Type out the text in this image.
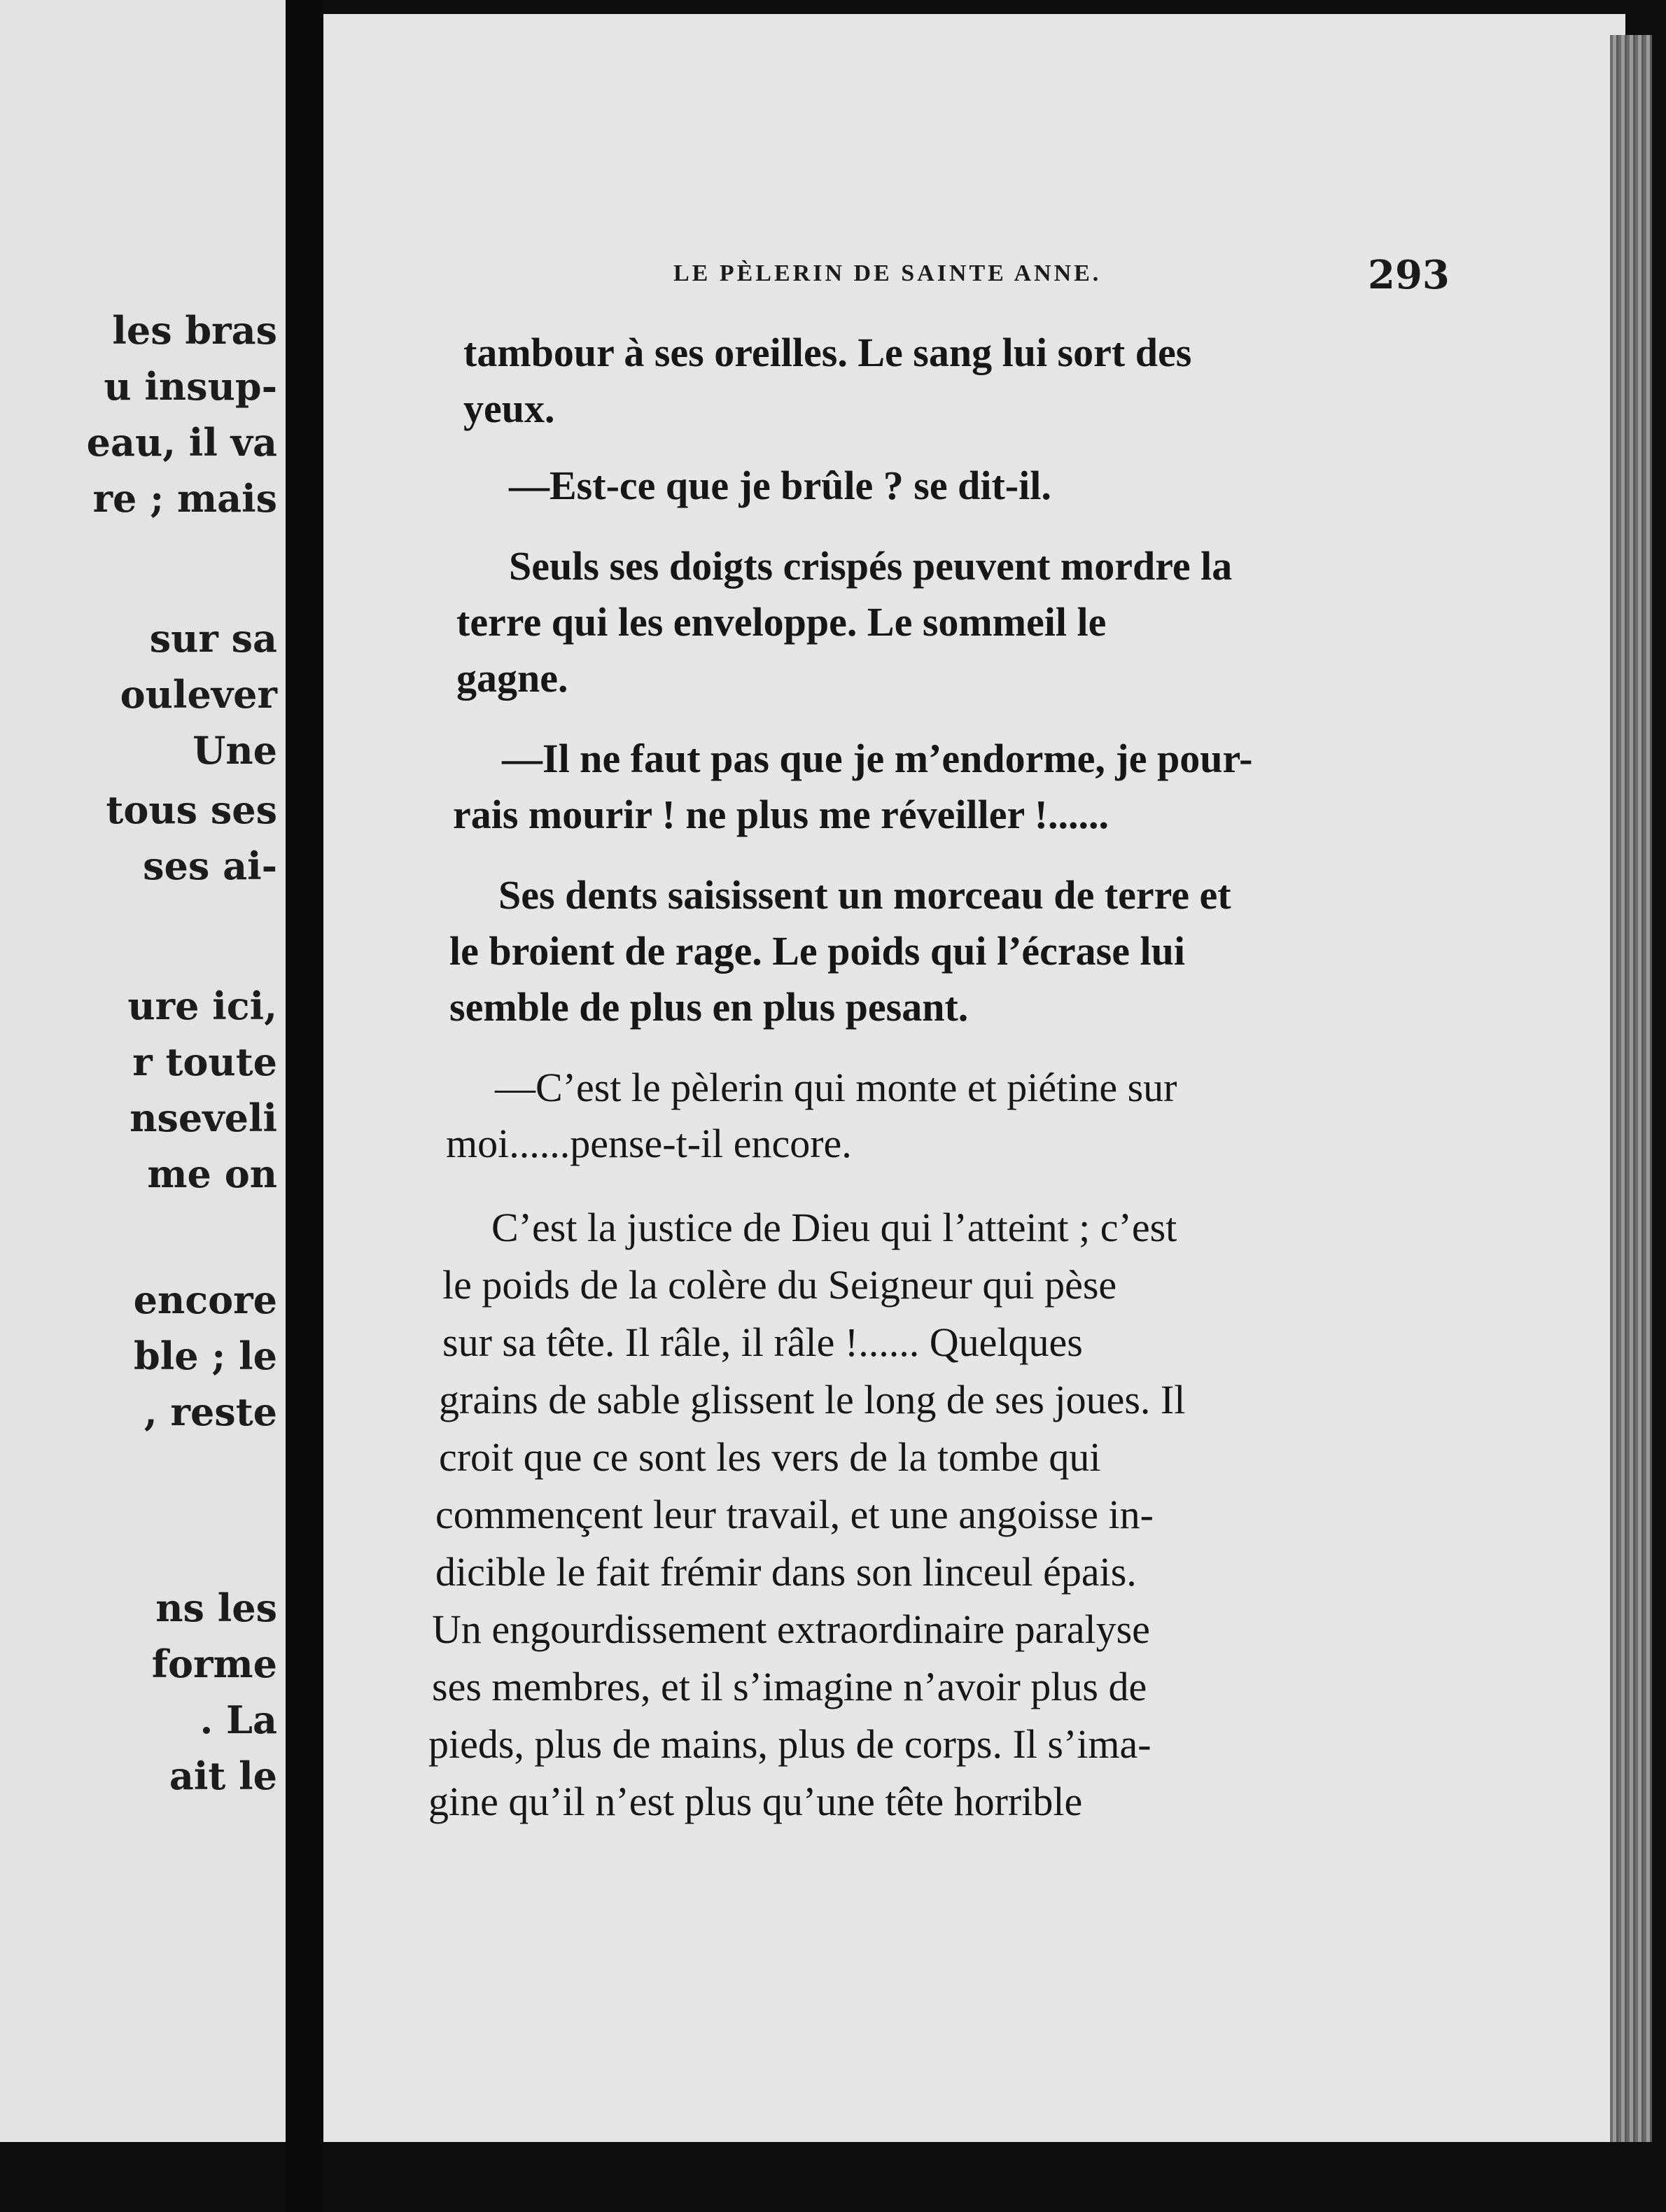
les bras
u insup-
eau, il va
re ; mais
sur sa
oulever
Une
tous ses
ses ai-
ure ici,
r toute
nseveli
me on
encore
ble ; le
, reste
ns les
forme
. La
ait le
LE PÈLERIN DE SAINTE ANNE.	293
tambour à ses oreilles. Le sang lui sort des
yeux.
—Est-ce que je brûle ? se dit-il.
Seuls ses doigts crispés peuvent mordre la
terre qui les enveloppe. Le sommeil le
gagne.
—Il ne faut pas que je m’endorme, je pour-
rais mourir ! ne plus me réveiller !......
Ses dents saisissent un morceau de terre et
le broient de rage. Le poids qui l’écrase lui
semble de plus en plus pesant.
—C’est le pèlerin qui monte et piétine sur
moi......pense-t-il encore.
C’est la justice de Dieu qui l’atteint ; c’est
le poids de la colère du Seigneur qui pèse
sur sa tête. Il râle, il râle !...... Quelques
grains de sable glissent le long de ses joues. Il
croit que ce sont les vers de la tombe qui
commençent leur travail, et une angoisse in-
dicible le fait frémir dans son linceul épais.
Un engourdissement extraordinaire paralyse
ses membres, et il s’imagine n’avoir plus de
pieds, plus de mains, plus de corps. Il s’ima-
gine qu’il n’est plus qu’une tête horrible
